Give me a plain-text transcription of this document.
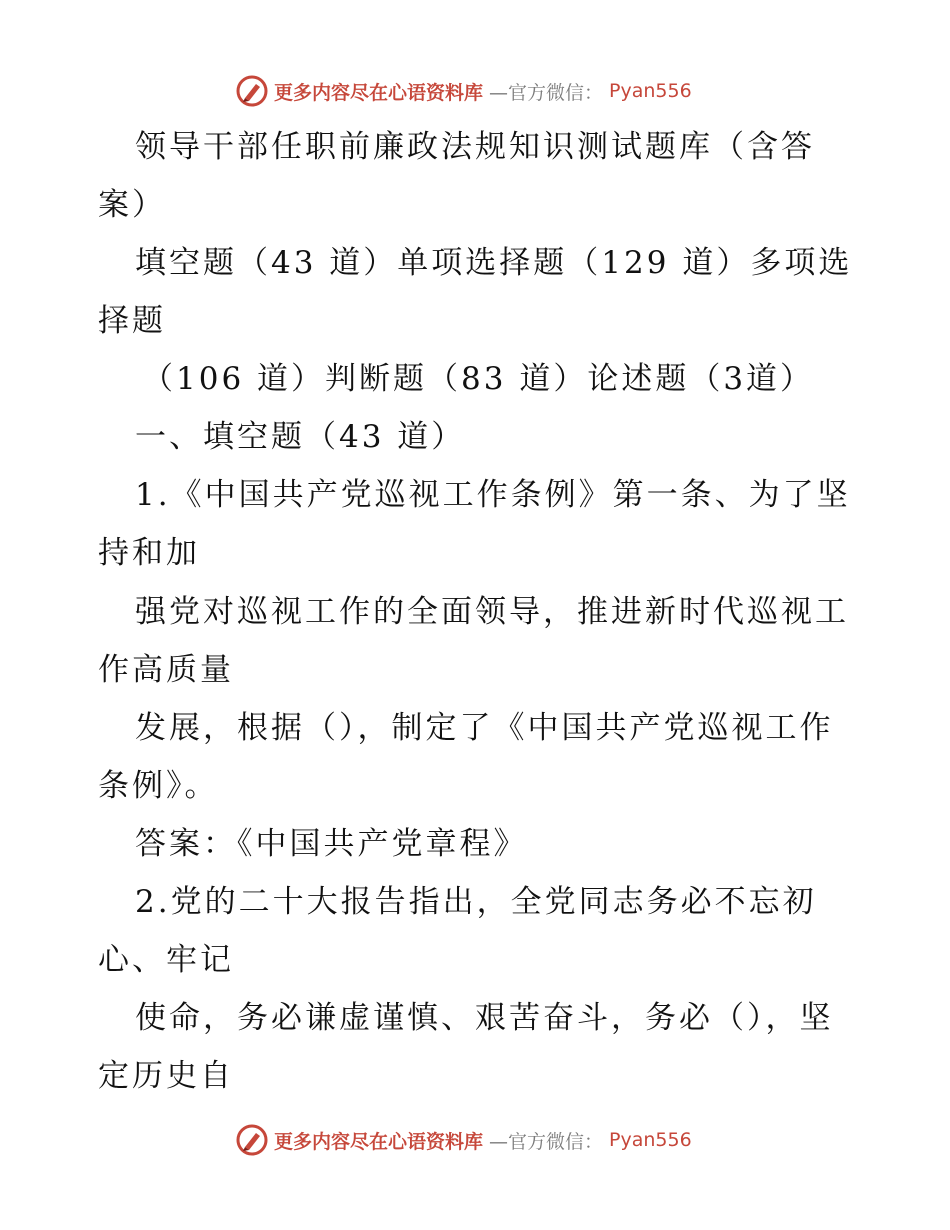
更多内容尽在心语资料库 —官方微信： Pyan556
领导干部任职前廉政法规知识测试题库（含答
案）
填空题（43 道）单项选择题（129 道）多项选
择题
（106 道）判断题（83 道）论述题（3道）
一、填空题（43 道）
1.《中国共产党巡视工作条例》第一条、为了坚
持和加
强党对巡视工作的全面领导，推进新时代巡视工
作高质量
发展，根据（），制定了《中国共产党巡视工作
条例》。
答案：《中国共产党章程》
2.党的二十大报告指出，全党同志务必不忘初
心、牢记
使命，务必谦虚谨慎、艰苦奋斗，务必（），坚
定历史自
更多内容尽在心语资料库 —官方微信： Pyan556
